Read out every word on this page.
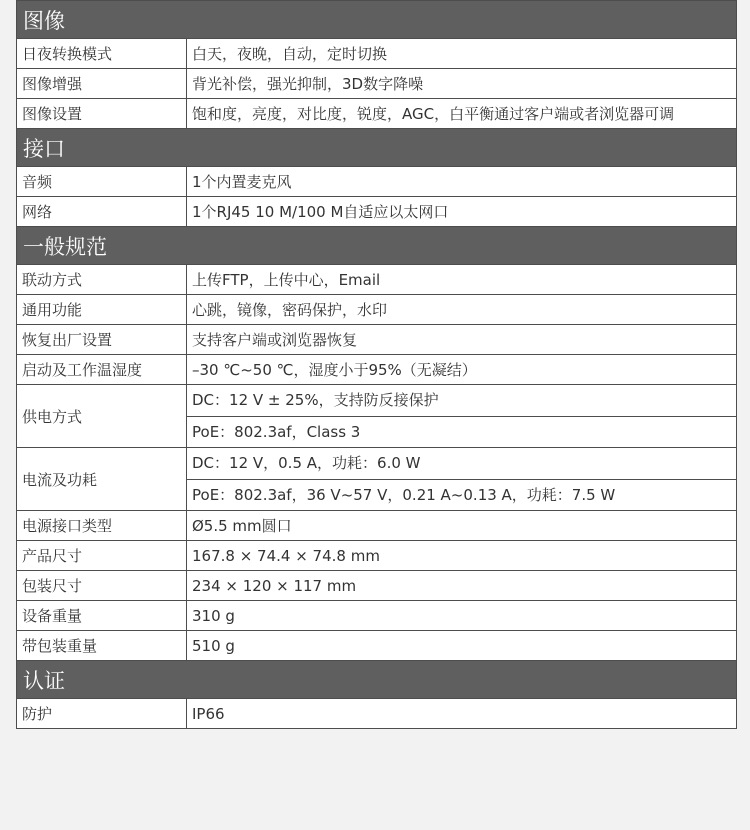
图像	
日夜转换模式	白天，夜晚，自动，定时切换
图像增强	背光补偿，强光抑制，3D数字降噪
图像设置	饱和度，亮度，对比度，锐度，AGC，白平衡通过客户端或者浏览器可调
接口	
音频	1个内置麦克风
网络	1个RJ45 10 M/100 M自适应以太网口
一般规范	
联动方式	上传FTP，上传中心，Email
通用功能	心跳，镜像，密码保护，水印
恢复出厂设置	支持客户端或浏览器恢复
启动及工作温湿度	–30 ℃~50 ℃，湿度小于95%（无凝结）
供电方式	DC：12 V ± 25%，支持防反接保护
PoE：802.3af，Class 3

电流及功耗	DC：12 V，0.5 A，功耗：6.0 W
PoE：802.3af，36 V~57 V，0.21 A~0.13 A，功耗：7.5 W

电源接口类型	Ø5.5 mm圆口
产品尺寸	167.8 × 74.4 × 74.8 mm
包装尺寸	234 × 120 × 117 mm
设备重量	310 g
带包装重量	510 g
认证	
防护	IP66
